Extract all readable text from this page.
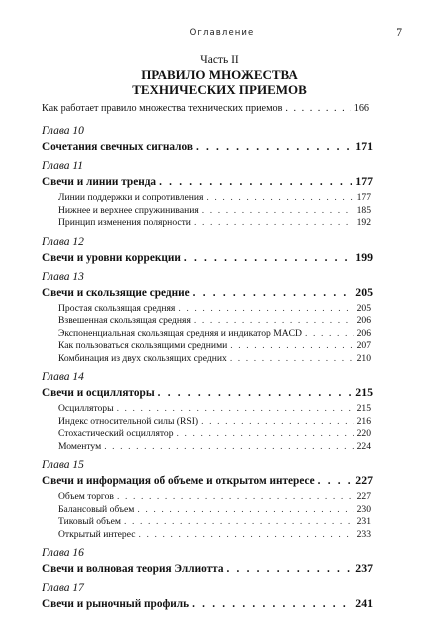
Оглавление	7
Часть II
ПРАВИЛО МНОЖЕСТВА
ТЕХНИЧЕСКИХ ПРИЕМОВ
Как работает правило множества технических приемов . . .	166
Глава 10
Сочетания свечных сигналов . . .	171
Глава 11
Свечи и линии тренда . . .	177
Линии поддержки и сопротивления . . .	177
Нижнее и верхнее спружинивания . . .	185
Принцип изменения полярности . . .	192
Глава 12
Свечи и уровни коррекции . . .	199
Глава 13
Свечи и скользящие средние . . .	205
Простая скользящая средняя . . .	205
Взвешенная скользящая средняя . . .	206
Экспоненциальная скользящая средняя и индикатор MACD . . .	206
Как пользоваться скользящими средними . . .	207
Комбинация из двух скользящих средних . . .	210
Глава 14
Свечи и осцилляторы . . .	215
Осцилляторы . . .	215
Индекс относительной силы (RSI) . . .	216
Стохастический осциллятор . . .	220
Моментум . . .	224
Глава 15
Свечи и информация об объеме и открытом интересе . . .	227
Объем торгов . . .	227
Балансовый объем . . .	230
Тиковый объем . . .	231
Открытый интерес . . .	233
Глава 16
Свечи и волновая теория Эллиотта . . .	237
Глава 17
Свечи и рыночный профиль . . .	241
